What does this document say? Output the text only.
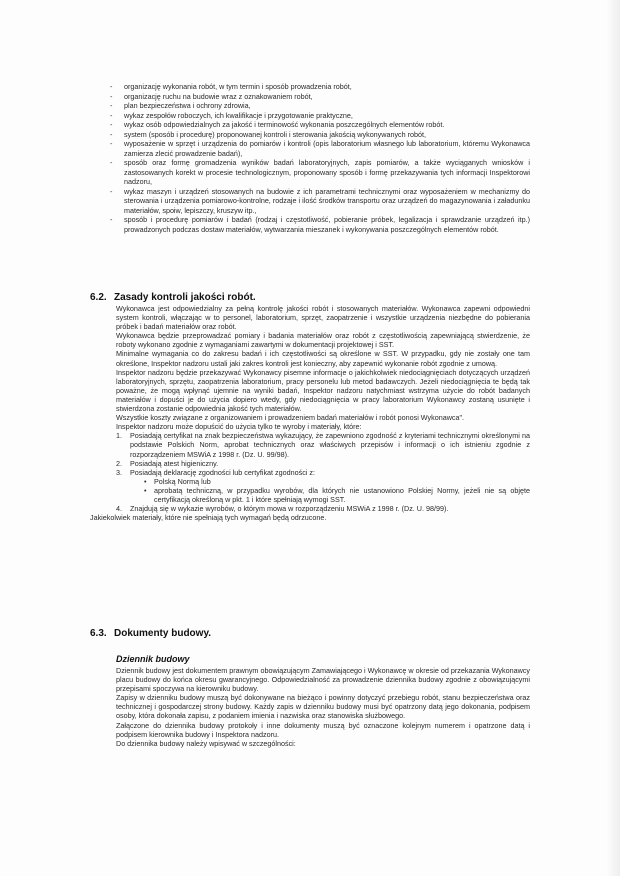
- organizację wykonania robót, w tym termin i sposób prowadzenia robót,
- organizację ruchu na budowie wraz z oznakowaniem robót,
- plan bezpieczeństwa i ochrony zdrowia,
- wykaz zespołów roboczych, ich kwalifikacje i przygotowanie praktyczne,
- wykaz osób odpowiedzialnych za jakość i terminowość wykonania poszczególnych elementów robót.
- system (sposób i procedurę) proponowanej kontroli i sterowania jakością wykonywanych robót,
- wyposażenie w sprzęt i urządzenia do pomiarów i kontroli (opis laboratorium własnego lub laboratorium, któremu Wykonawca zamierza zlecić prowadzenie badań),
- sposób oraz formę gromadzenia wyników badań laboratoryjnych, zapis pomiarów, a także wyciąganych wniosków i zastosowanych korekt w procesie technologicznym, proponowany sposób i formę przekazywania tych informacji Inspektorowi nadzoru,
- wykaz maszyn i urządzeń stosowanych na budowie z ich parametrami technicznymi oraz wyposażeniem w mechanizmy do sterowania i urządzenia pomiarowo-kontrolne, rodzaje i ilość środków transportu oraz urządzeń do magazynowania i załadunku materiałów, spoiw, lepiszczy, kruszyw itp.,
- sposób i procedurę pomiarów i badań (rodzaj i częstotliwość, pobieranie próbek, legalizacja i sprawdzanie urządzeń itp.) prowadzonych podczas dostaw materiałów, wytwarzania mieszanek i wykonywania poszczególnych elementów robót.
6.2. Zasady kontroli jakości robót.

Wykonawca jest odpowiedzialny za pełną kontrolę jakości robót i stosowanych materiałów. Wykonawca zapewni odpowiedni system kontroli, włączając w to personel, laboratorium, sprzęt, zaopatrzenie i wszystkie urządzenia niezbędne do pobierania próbek i badań materiałów oraz robót.

Wykonawca będzie przeprowadzać pomiary i badania materiałów oraz robót z częstotliwością zapewniającą stwierdzenie, że roboty wykonano zgodnie z wymaganiami zawartymi w dokumentacji projektowej i SST.

Minimalne wymagania co do zakresu badań i ich częstotliwości są określone w SST. W przypadku, gdy nie zostały one tam określone, Inspektor nadzoru ustali jaki zakres kontroli jest konieczny, aby zapewnić wykonanie robót zgodnie z umową.

Inspektor nadzoru będzie przekazywać Wykonawcy pisemne informacje o jakichkolwiek niedociągnięciach dotyczących urządzeń laboratoryjnych, sprzętu, zaopatrzenia laboratorium, pracy personelu lub metod badawczych. Jeżeli niedociągnięcia te będą tak poważne, że mogą wpłynąć ujemnie na wyniki badań, Inspektor nadzoru natychmiast wstrzyma użycie do robót badanych materiałów i dopuści je do użycia dopiero wtedy, gdy niedociągnięcia w pracy laboratorium Wykonawcy zostaną usunięte i stwierdzona zostanie odpowiednia jakość tych materiałów.

Wszystkie koszty związane z organizowaniem i prowadzeniem badań materiałów i robót ponosi Wykonawca".

Inspektor nadzoru może dopuścić do użycia tylko te wyroby i materiały, które:

1. Posiadają certyfikat na znak bezpieczeństwa wykazujący, że zapewniono zgodność z kryteriami technicznymi określonymi na podstawie Polskich Norm, aprobat technicznych oraz właściwych przepisów i informacji o ich istnieniu zgodnie z rozporządzeniem MSWiA z 1998 r. (Dz. U. 99/98).
2. Posiadają atest higieniczny.
3. Posiadają deklarację zgodności lub certyfikat zgodności z:
• Polską Normą lub
• aprobatą techniczną, w przypadku wyrobów, dla których nie ustanowiono Polskiej Normy, jeżeli nie są objęte certyfikacją określoną w pkt. 1 i które spełniają wymogi SST.
4. Znajdują się w wykazie wyrobów, o którym mowa w rozporządzeniu MSWiA z 1998 r. (Dz. U. 98/99).

Jakiekolwiek materiały, które nie spełniają tych wymagań będą odrzucone.

6.3. Dokumenty budowy.
Dziennik budowy

Dziennik budowy jest dokumentem prawnym obowiązującym Zamawiającego i Wykonawcę w okresie od przekazania Wykonawcy placu budowy do końca okresu gwarancyjnego. Odpowiedzialność za prowadzenie dziennika budowy zgodnie z obowiązującymi przepisami spoczywa na kierowniku budowy.

Zapisy w dzienniku budowy muszą być dokonywane na bieżąco i powinny dotyczyć przebiegu robót, stanu bezpieczeństwa oraz technicznej i gospodarczej strony budowy. Każdy zapis w dzienniku budowy musi być opatrzony datą jego dokonania, podpisem osoby, która dokonała zapisu, z podaniem imienia i nazwiska oraz stanowiska służbowego.

Załączone do dziennika budowy protokoły i inne dokumenty muszą być oznaczone kolejnym numerem i opatrzone datą i podpisem kierownika budowy i Inspektora nadzoru.

Do dziennika budowy należy wpisywać w szczególności:
